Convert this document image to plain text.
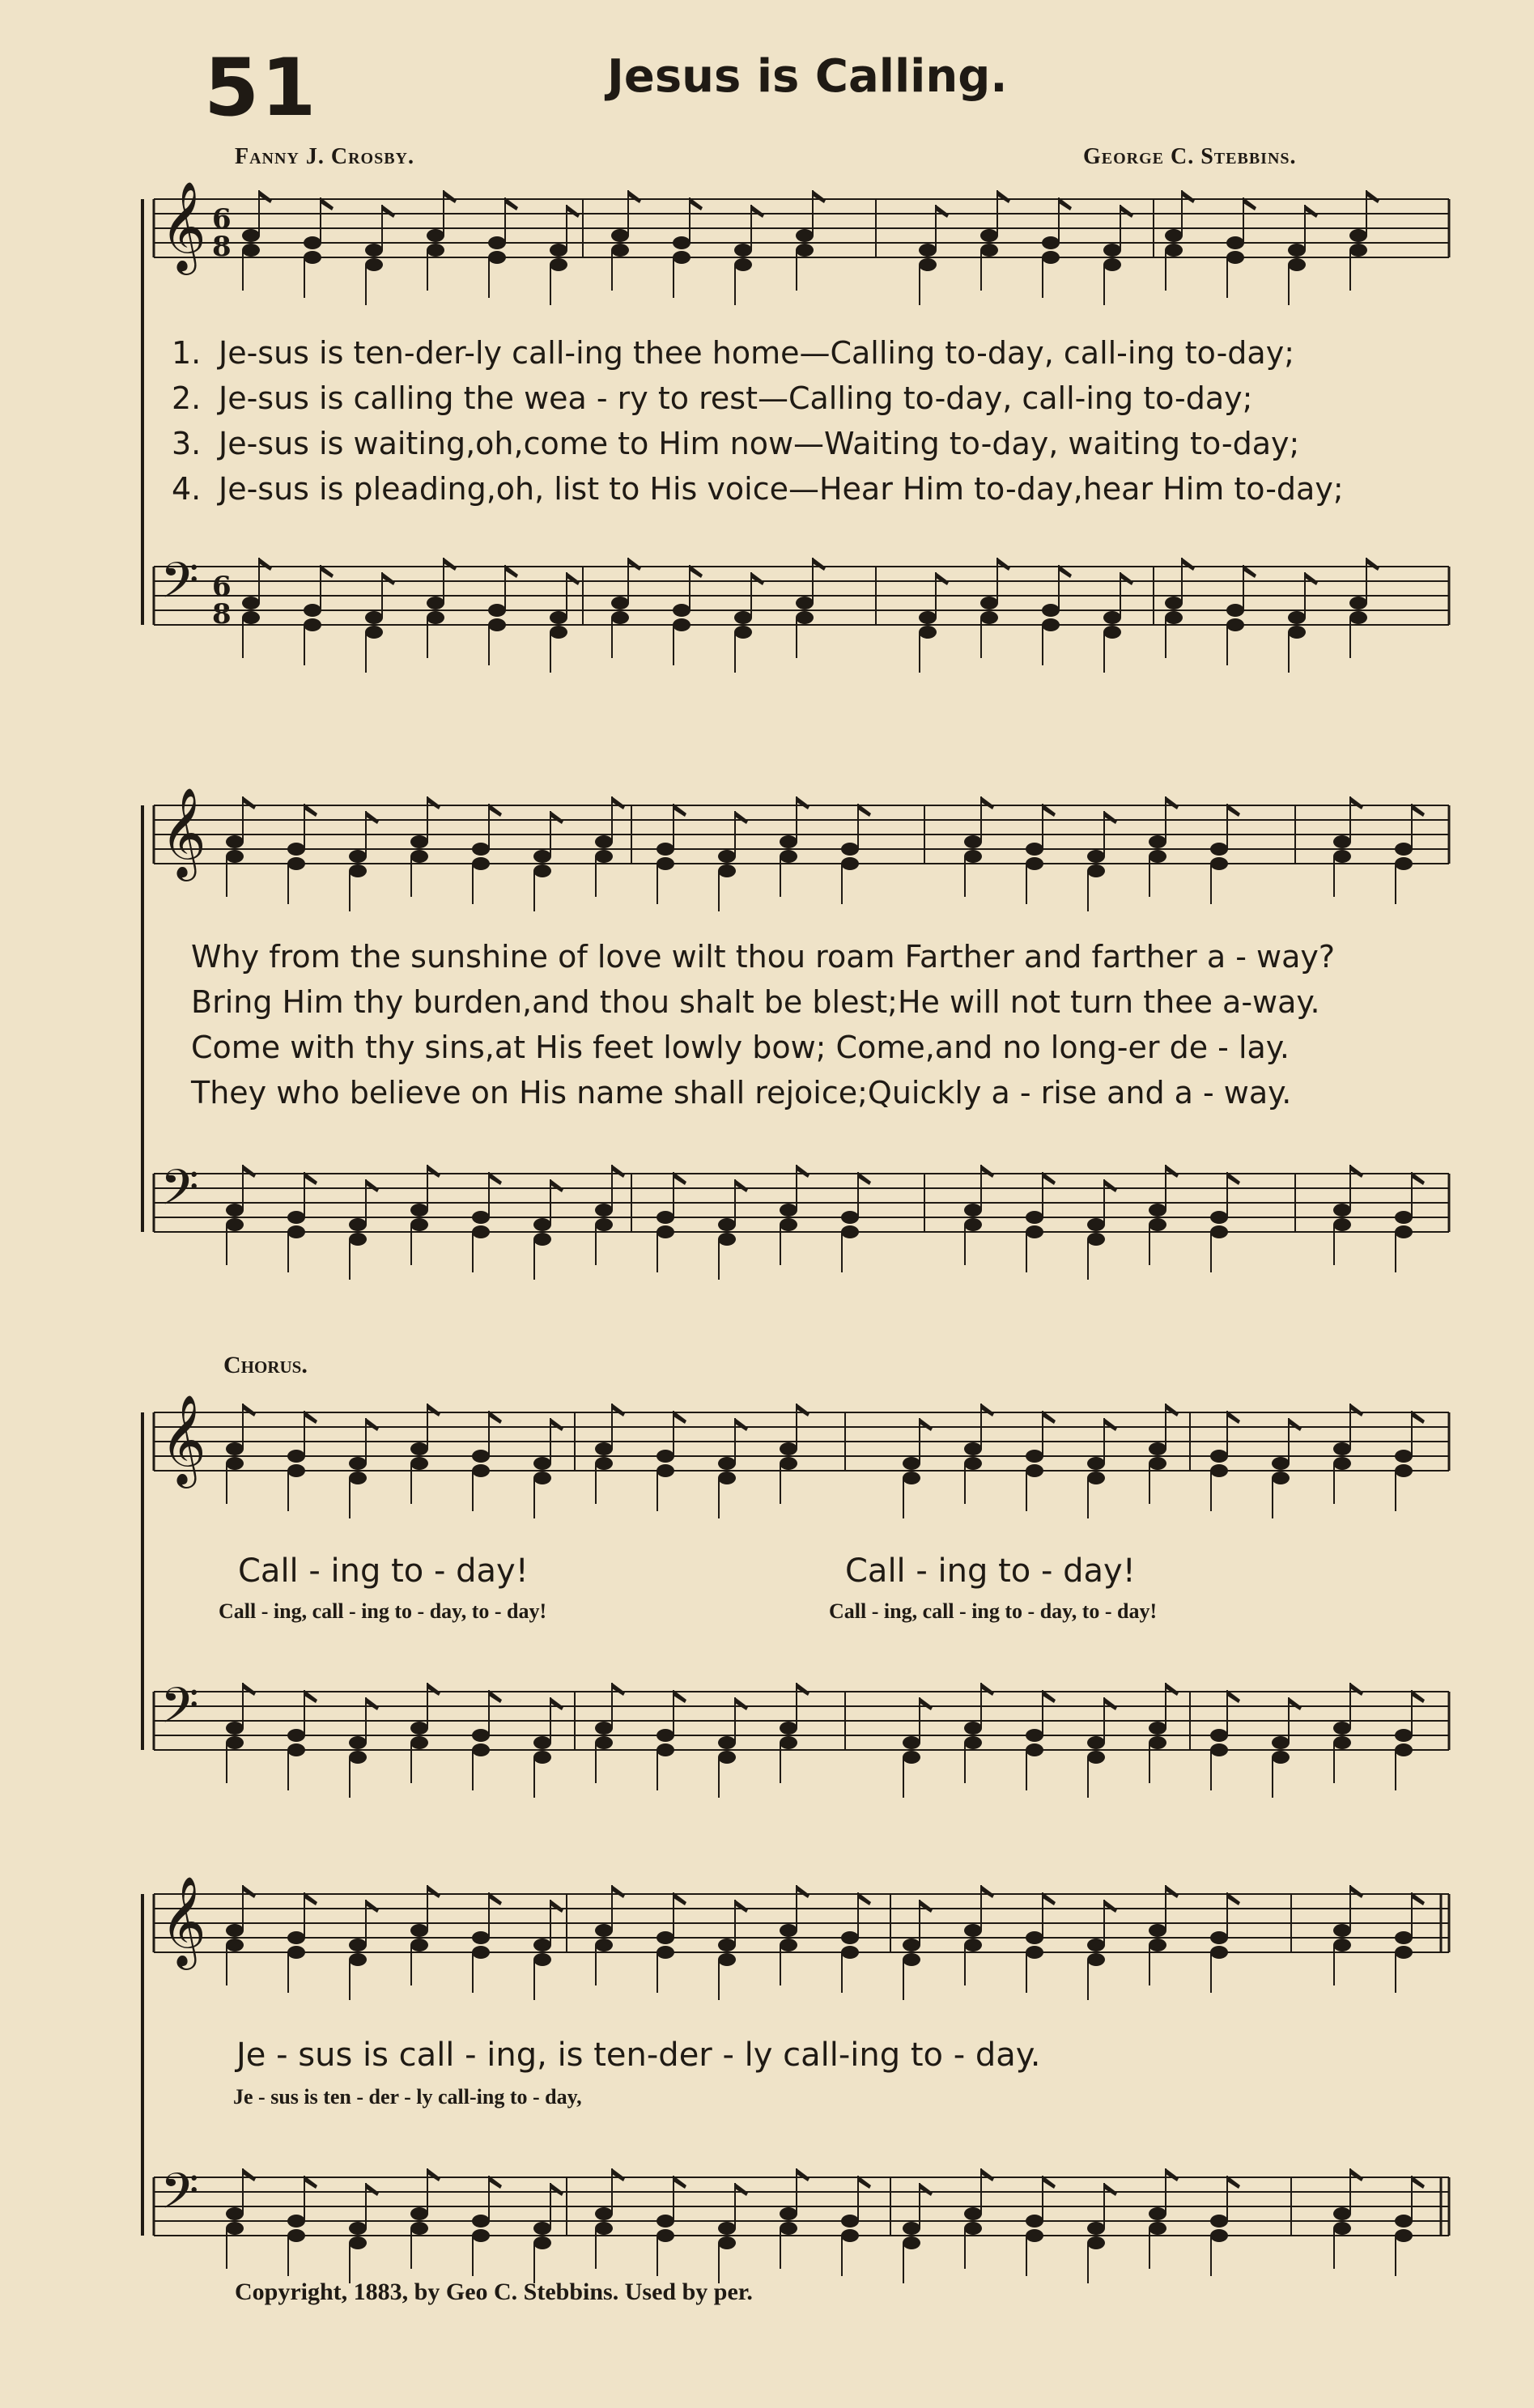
51	Jesus is Calling.
Fanny J. Crosby.	George C. Stebbins.
𝄞 6
8
𝄢 6
8
𝄞
𝄢
𝄞
𝄢
𝄞
𝄢
1. Je-sus is ten-der-ly call-ing thee home—Calling to-day, call-ing to-day;
2. Je-sus is calling the wea - ry to rest—Calling to-day, call-ing to-day;
3. Je-sus is waiting,oh,come to Him now—Waiting to-day, waiting to-day;
4. Je-sus is pleading,oh, list to His voice—Hear Him to-day,hear Him to-day;
Why from the sunshine of love wilt thou roam Farther and farther a - way?
Bring Him thy burden,and thou shalt be blest;He will not turn thee a-way.
Come with thy sins,at His feet lowly bow; Come,and no long-er de - lay.
They who believe on His name shall rejoice;Quickly a - rise and a - way.
Chorus.
Call - ing to - day!	Call - ing to - day!
Call - ing, call - ing to - day, to - day!	Call - ing, call - ing to - day, to - day!
Je - sus is call - ing, is ten-der - ly call-ing to - day.
Je - sus is ten - der - ly call-ing to - day,
Copyright, 1883, by Geo C. Stebbins. Used by per.
